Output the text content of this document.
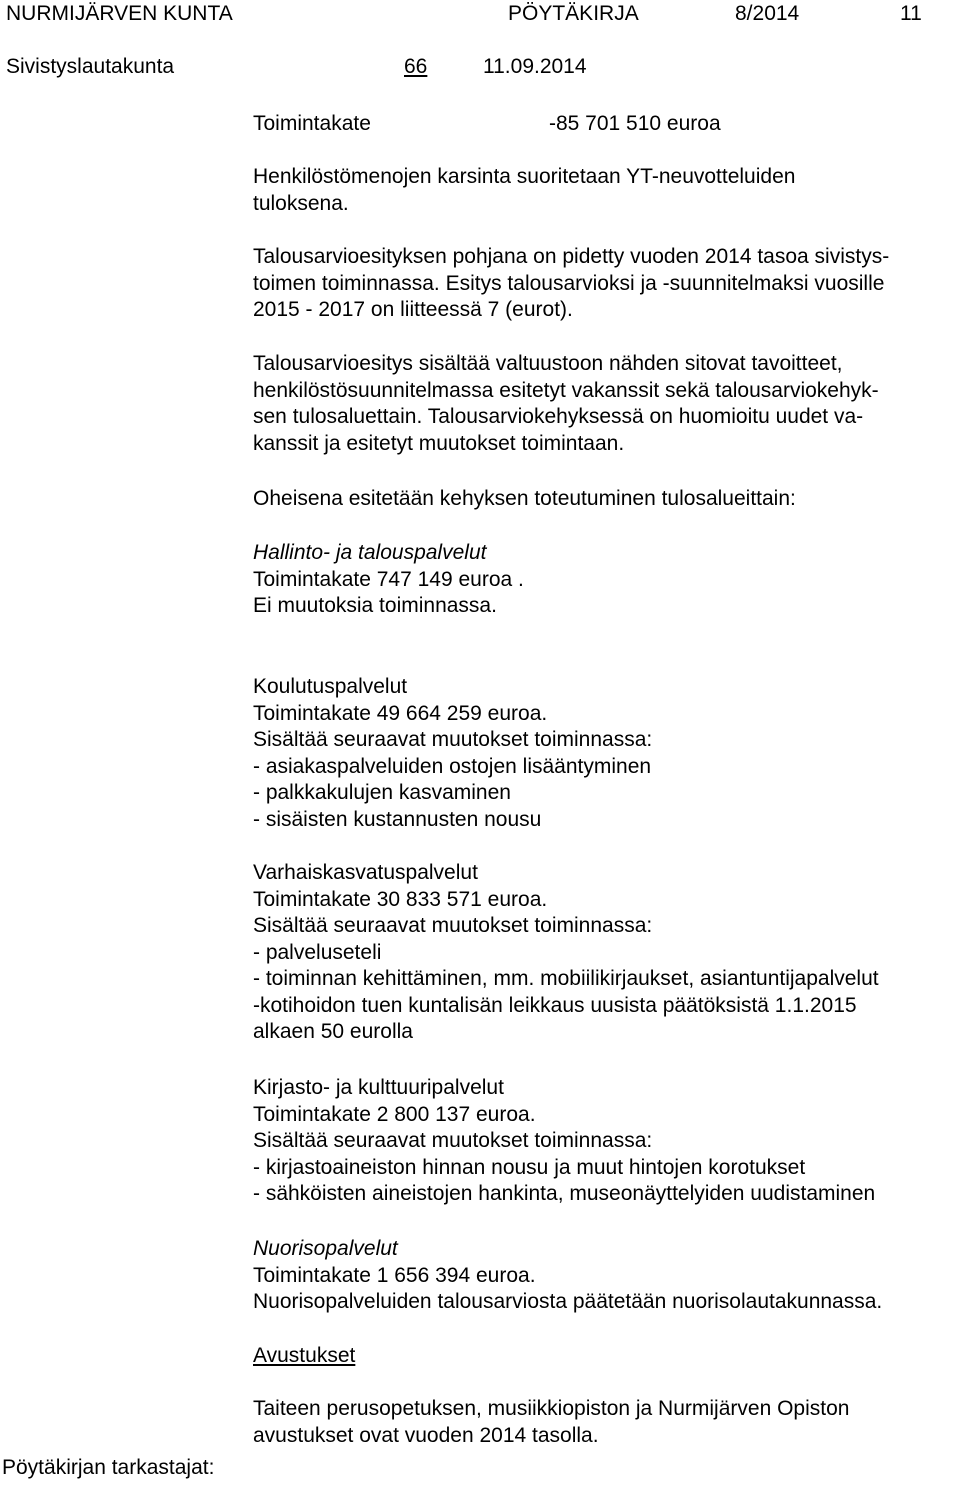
NURMIJÄRVEN KUNTA	PÖYTÄKIRJA	8/2014	11
Sivistyslautakunta	66	11.09.2014
Toimintakate	-85 701 510 euroa
Henkilöstömenojen karsinta suoritetaan YT-neuvotteluiden
tuloksena.
Talousarvioesityksen pohjana on pidetty vuoden 2014 tasoa sivistys-
toimen toiminnassa. Esitys talousarvioksi ja -suunnitelmaksi vuosille
2015 - 2017 on liitteessä 7 (eurot).
Talousarvioesitys sisältää valtuustoon nähden sitovat tavoitteet,
henkilöstösuunnitelmassa esitetyt vakanssit sekä talousarviokehyk-
sen tulosaluettain. Talousarviokehyksessä on huomioitu uudet va-
kanssit ja esitetyt muutokset toimintaan.
Oheisena esitetään kehyksen toteutuminen tulosalueittain:
Hallinto- ja talouspalvelut
Toimintakate 747 149 euroa .
Ei muutoksia toiminnassa.
Koulutuspalvelut
Toimintakate 49 664 259 euroa.
Sisältää seuraavat muutokset toiminnassa:
- asiakaspalveluiden ostojen lisääntyminen
- palkkakulujen kasvaminen
- sisäisten kustannusten nousu
Varhaiskasvatuspalvelut
Toimintakate 30 833 571 euroa.
Sisältää seuraavat muutokset toiminnassa:
- palveluseteli
- toiminnan kehittäminen, mm. mobiilikirjaukset, asiantuntijapalvelut
-kotihoidon tuen kuntalisän leikkaus uusista päätöksistä 1.1.2015
alkaen 50 eurolla
Kirjasto- ja kulttuuripalvelut
Toimintakate 2 800 137 euroa.
Sisältää seuraavat muutokset toiminnassa:
- kirjastoaineiston hinnan nousu ja muut hintojen korotukset
- sähköisten aineistojen hankinta, museonäyttelyiden uudistaminen
Nuorisopalvelut
Toimintakate 1 656 394 euroa.
Nuorisopalveluiden talousarviosta päätetään nuorisolautakunnassa.
Avustukset
Taiteen perusopetuksen, musiikkiopiston ja Nurmijärven Opiston
avustukset ovat vuoden 2014 tasolla.
Pöytäkirjan tarkastajat:
